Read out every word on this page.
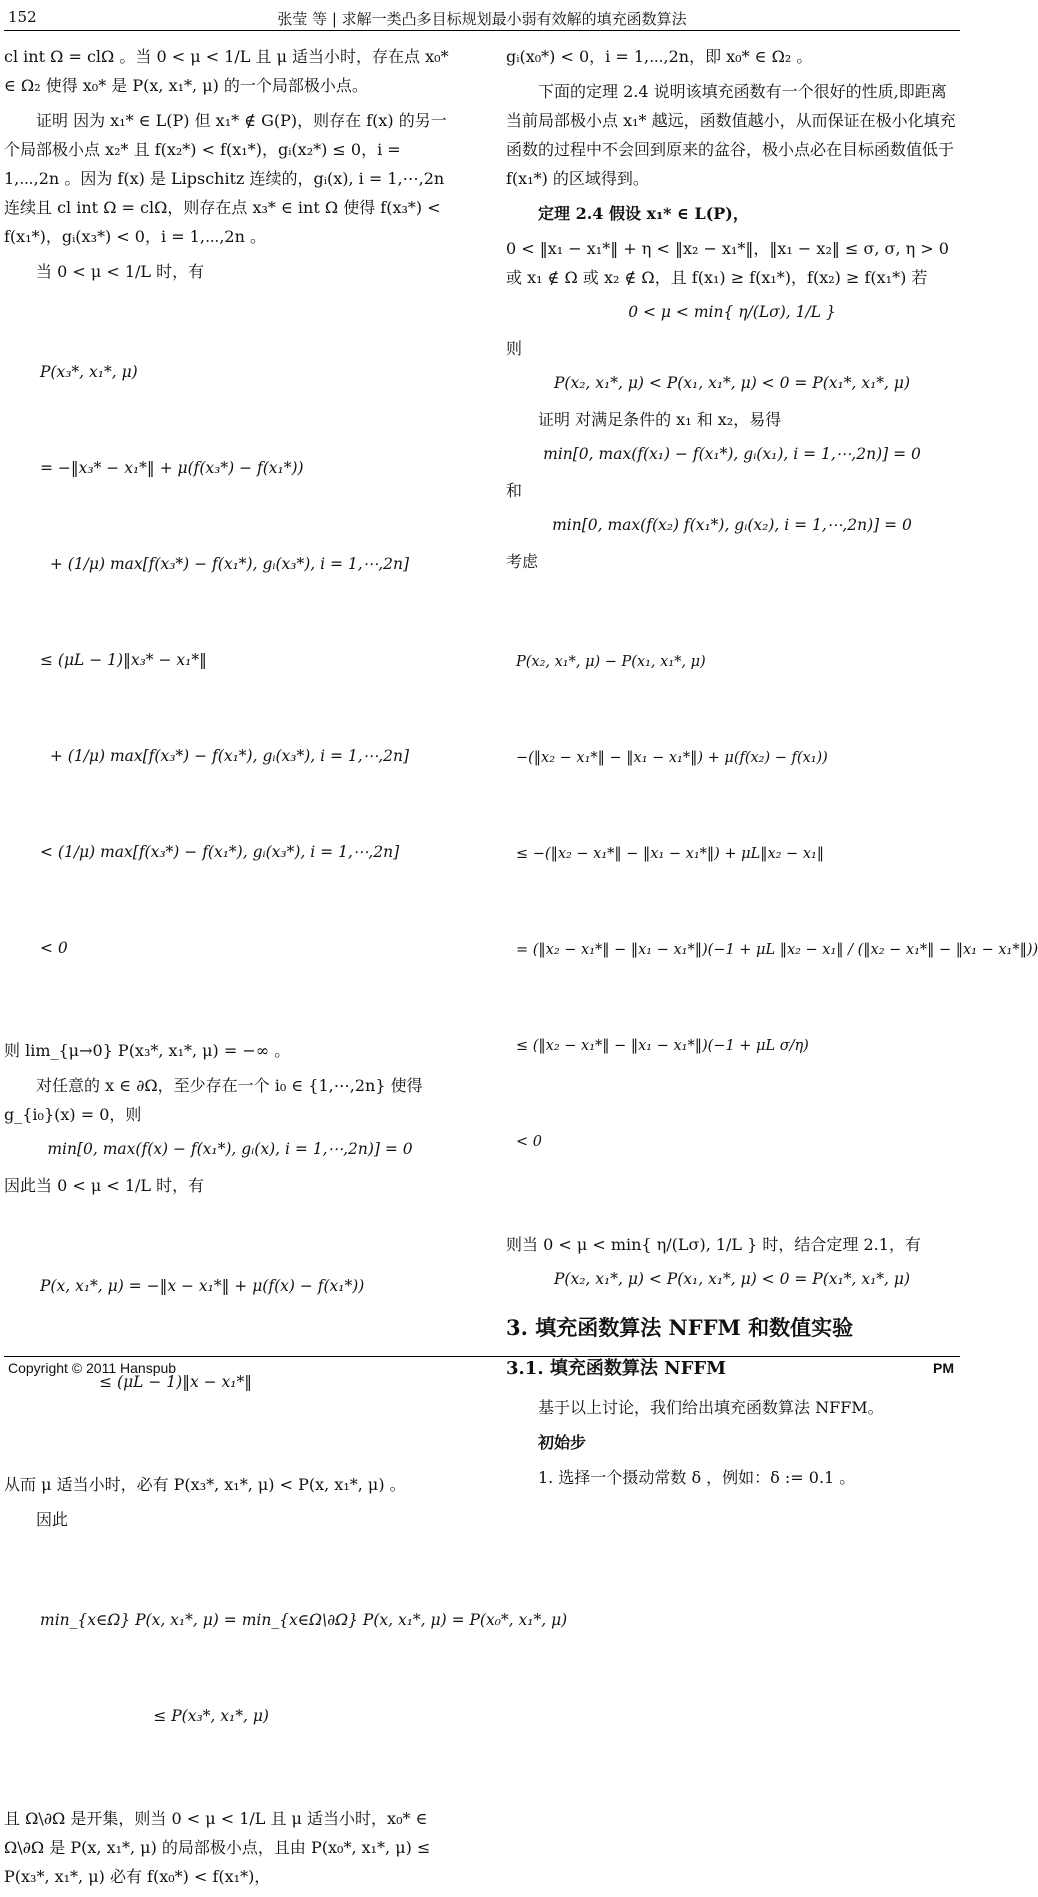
152	张莹 等 | 求解一类凸多目标规划最小弱有效解的填充函数算法

cl int Ω = clΩ 。当 0 < μ < 1/L 且 μ 适当小时，存在点 x₀* ∈ Ω₂ 使得 x₀* 是 P(x, x₁*, μ) 的一个局部极小点。

证明 因为 x₁* ∈ L(P) 但 x₁* ∉ G(P)，则存在 f(x) 的另一个局部极小点 x₂* 且 f(x₂*) < f(x₁*)，gᵢ(x₂*) ≤ 0，i = 1,⋯,2n 。因为 f(x) 是 Lipschitz 连续的，gᵢ(x), i = 1,⋯,2n 连续且 cl int Ω = clΩ，则存在点 x₃* ∈ int Ω 使得 f(x₃*) < f(x₁*)，gᵢ(x₃*) < 0，i = 1,⋯,2n 。

当 0 < μ < 1/L 时，有

P(x₃*, x₁*, μ)

= −‖x₃* − x₁*‖ + μ(f(x₃*) − f(x₁*))

+ (1/μ) max[f(x₃*) − f(x₁*), gᵢ(x₃*), i = 1,⋯,2n]

≤ (μL − 1)‖x₃* − x₁*‖

+ (1/μ) max[f(x₃*) − f(x₁*), gᵢ(x₃*), i = 1,⋯,2n]

< (1/μ) max[f(x₃*) − f(x₁*), gᵢ(x₃*), i = 1,⋯,2n]

< 0

则 lim_{μ→0} P(x₃*, x₁*, μ) = −∞ 。

对任意的 x ∈ ∂Ω，至少存在一个 i₀ ∈ {1,⋯,2n} 使得 g_{i₀}(x) = 0，则

min[0, max(f(x) − f(x₁*), gᵢ(x), i = 1,⋯,2n)] = 0

因此当 0 < μ < 1/L 时，有

P(x, x₁*, μ) = −‖x − x₁*‖ + μ(f(x) − f(x₁*))

≤ (μL − 1)‖x − x₁*‖

从而 μ 适当小时，必有 P(x₃*, x₁*, μ) < P(x, x₁*, μ) 。

因此

min_{x∈Ω} P(x, x₁*, μ) = min_{x∈Ω\∂Ω} P(x, x₁*, μ) = P(x₀*, x₁*, μ)

≤ P(x₃*, x₁*, μ)

且 Ω\∂Ω 是开集，则当 0 < μ < 1/L 且 μ 适当小时，x₀* ∈ Ω\∂Ω 是 P(x, x₁*, μ) 的局部极小点，且由 P(x₀*, x₁*, μ) ≤ P(x₃*, x₁*, μ) 必有 f(x₀*) < f(x₁*)，

gᵢ(x₀*) < 0，i = 1,⋯,2n，即 x₀* ∈ Ω₂ 。

下面的定理 2.4 说明该填充函数有一个很好的性质,即距离当前局部极小点 x₁* 越远，函数值越小，从而保证在极小化填充函数的过程中不会回到原来的盆谷，极小点必在目标函数值低于 f(x₁*) 的区域得到。

定理 2.4 假设 x₁* ∈ L(P)，

0 < ‖x₁ − x₁*‖ + η < ‖x₂ − x₁*‖，‖x₁ − x₂‖ ≤ σ, σ, η > 0 或 x₁ ∉ Ω 或 x₂ ∉ Ω，且 f(x₁) ≥ f(x₁*)，f(x₂) ≥ f(x₁*) 若

0 < μ < min{ η/(Lσ), 1/L }

则

P(x₂, x₁*, μ) < P(x₁, x₁*, μ) < 0 = P(x₁*, x₁*, μ)

证明 对满足条件的 x₁ 和 x₂，易得

min[0, max(f(x₁) − f(x₁*), gᵢ(x₁), i = 1,⋯,2n)] = 0

和

min[0, max(f(x₂) f(x₁*), gᵢ(x₂), i = 1,⋯,2n)] = 0

考虑

P(x₂, x₁*, μ) − P(x₁, x₁*, μ)

−(‖x₂ − x₁*‖ − ‖x₁ − x₁*‖) + μ(f(x₂) − f(x₁))

≤ −(‖x₂ − x₁*‖ − ‖x₁ − x₁*‖) + μL‖x₂ − x₁‖

= (‖x₂ − x₁*‖ − ‖x₁ − x₁*‖)(−1 + μL ‖x₂ − x₁‖ / (‖x₂ − x₁*‖ − ‖x₁ − x₁*‖))

≤ (‖x₂ − x₁*‖ − ‖x₁ − x₁*‖)(−1 + μL σ/η)

< 0

则当 0 < μ < min{ η/(Lσ), 1/L } 时，结合定理 2.1，有

P(x₂, x₁*, μ) < P(x₁, x₁*, μ) < 0 = P(x₁*, x₁*, μ)
3. 填充函数算法 NFFM 和数值实验
3.1. 填充函数算法 NFFM

基于以上讨论，我们给出填充函数算法 NFFM。

初始步

1. 选择一个摄动常数 δ ，例如：δ := 0.1 。

Copyright © 2011 Hanspub	PM
